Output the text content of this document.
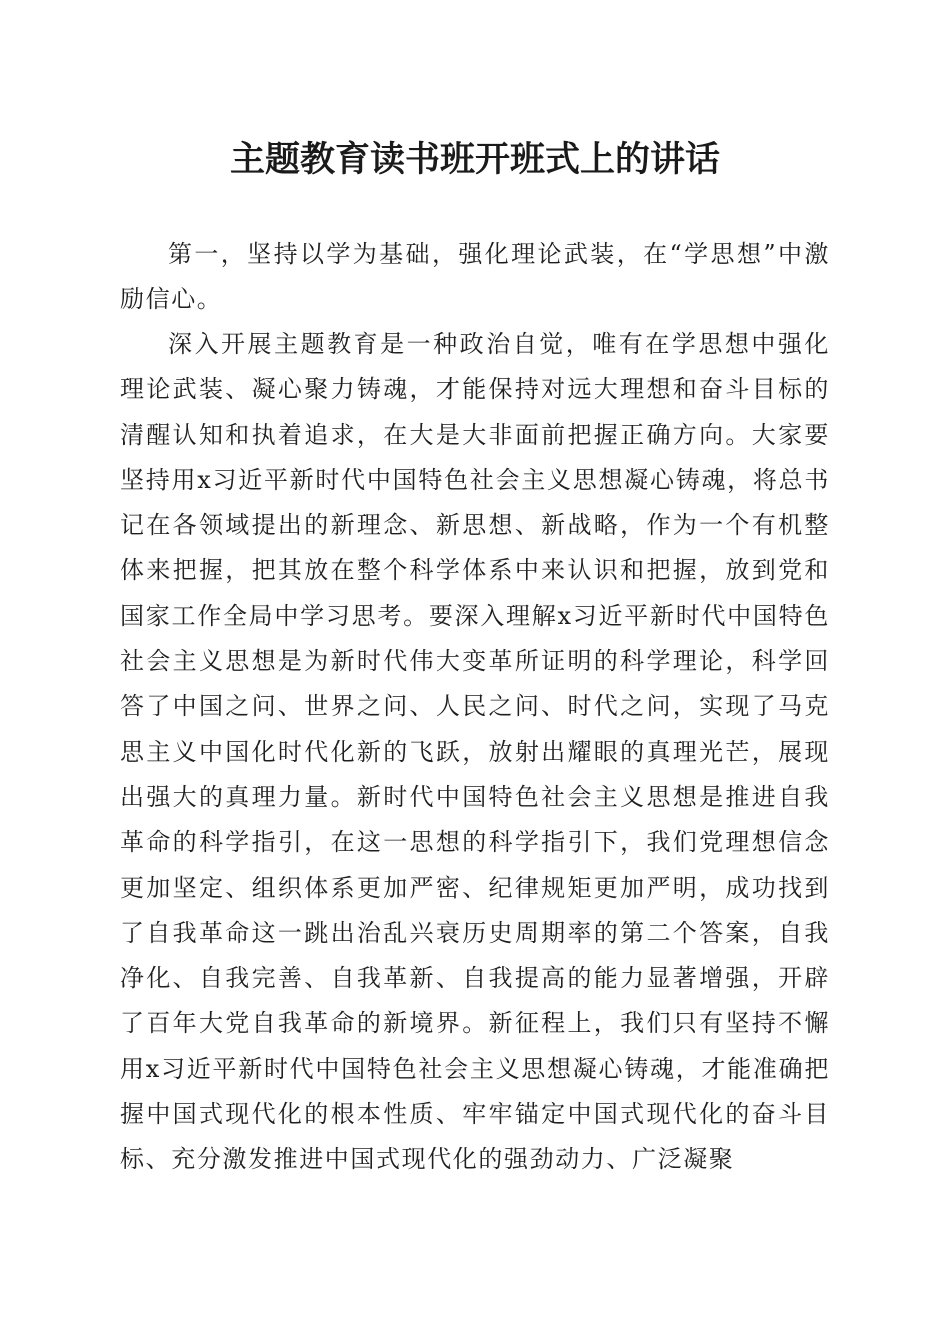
主题教育读书班开班式上的讲话

第一，坚持以学为基础，强化理论武装，在“学思想”中激励信心。

深入开展主题教育是一种政治自觉，唯有在学思想中强化理论武装、凝心聚力铸魂，才能保持对远大理想和奋斗目标的清醒认知和执着追求，在大是大非面前把握正确方向。大家要坚持用x习近平新时代中国特色社会主义思想凝心铸魂，将总书记在各领域提出的新理念、新思想、新战略，作为一个有机整体来把握，把其放在整个科学体系中来认识和把握，放到党和国家工作全局中学习思考。要深入理解x习近平新时代中国特色社会主义思想是为新时代伟大变革所证明的科学理论，科学回答了中国之问、世界之问、人民之问、时代之问，实现了马克思主义中国化时代化新的飞跃，放射出耀眼的真理光芒，展现出强大的真理力量。新时代中国特色社会主义思想是推进自我革命的科学指引，在这一思想的科学指引下，我们党理想信念更加坚定、组织体系更加严密、纪律规矩更加严明，成功找到了自我革命这一跳出治乱兴衰历史周期率的第二个答案，自我净化、自我完善、自我革新、自我提高的能力显著增强，开辟了百年大党自我革命的新境界。新征程上，我们只有坚持不懈用x习近平新时代中国特色社会主义思想凝心铸魂，才能准确把握中国式现代化的根本性质、牢牢锚定中国式现代化的奋斗目标、充分激发推进中国式现代化的强劲动力、广泛凝聚
